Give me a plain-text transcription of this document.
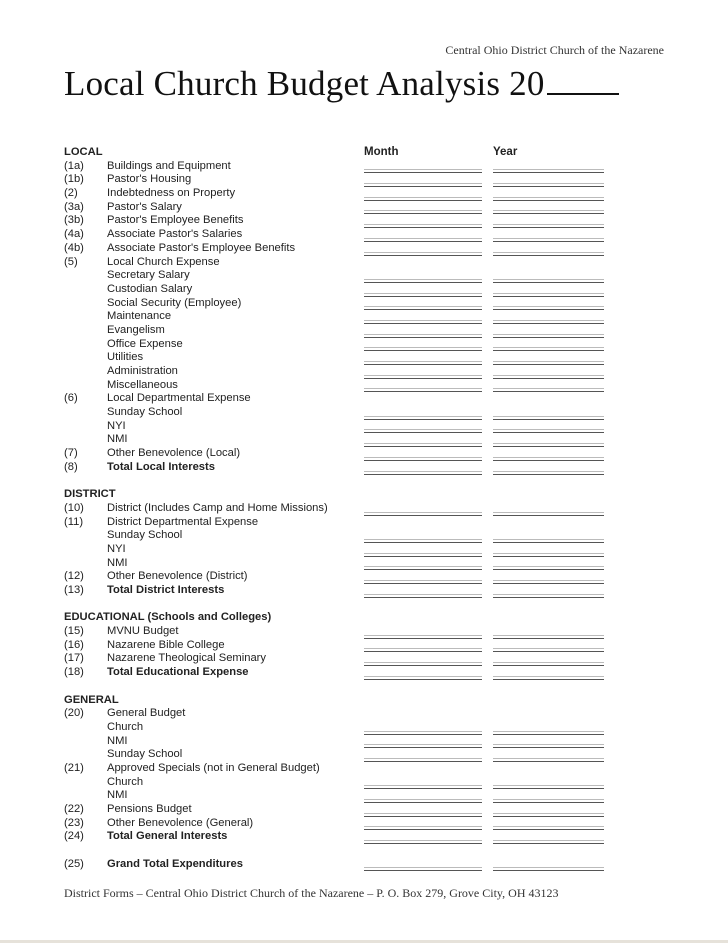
Central Ohio District Church of the Nazarene
Local Church Budget Analysis 20
Month	Year
LOCAL
(1a) Buildings and Equipment
(1b) Pastor's Housing
(2)	Indebtedness on Property
(3a) Pastor's Salary
(3b) Pastor's Employee Benefits
(4a) Associate Pastor's Salaries
(4b) Associate Pastor's Employee Benefits
(5)	Local Church Expense
Secretary Salary
Custodian Salary
Social Security (Employee)
Maintenance
Evangelism
Office Expense
Utilities
Administration
Miscellaneous
(6)	Local Departmental Expense
Sunday School
NYI
NMI
(7)	Other Benevolence (Local)
(8)	Total Local Interests
DISTRICT
(10) District (Includes Camp and Home Missions)
(11) District Departmental Expense
Sunday School
NYI
NMI
(12) Other Benevolence (District)
(13) Total District Interests
EDUCATIONAL (Schools and Colleges)
(15) MVNU Budget
(16) Nazarene Bible College
(17) Nazarene Theological Seminary
(18) Total Educational Expense
GENERAL
(20) General Budget
Church
NMI
Sunday School
(21) Approved Specials (not in General Budget)
Church
NMI
(22) Pensions Budget
(23) Other Benevolence (General)
(24) Total General Interests
(25) Grand Total Expenditures
District Forms – Central Ohio District Church of the Nazarene – P. O. Box 279, Grove City, OH 43123
